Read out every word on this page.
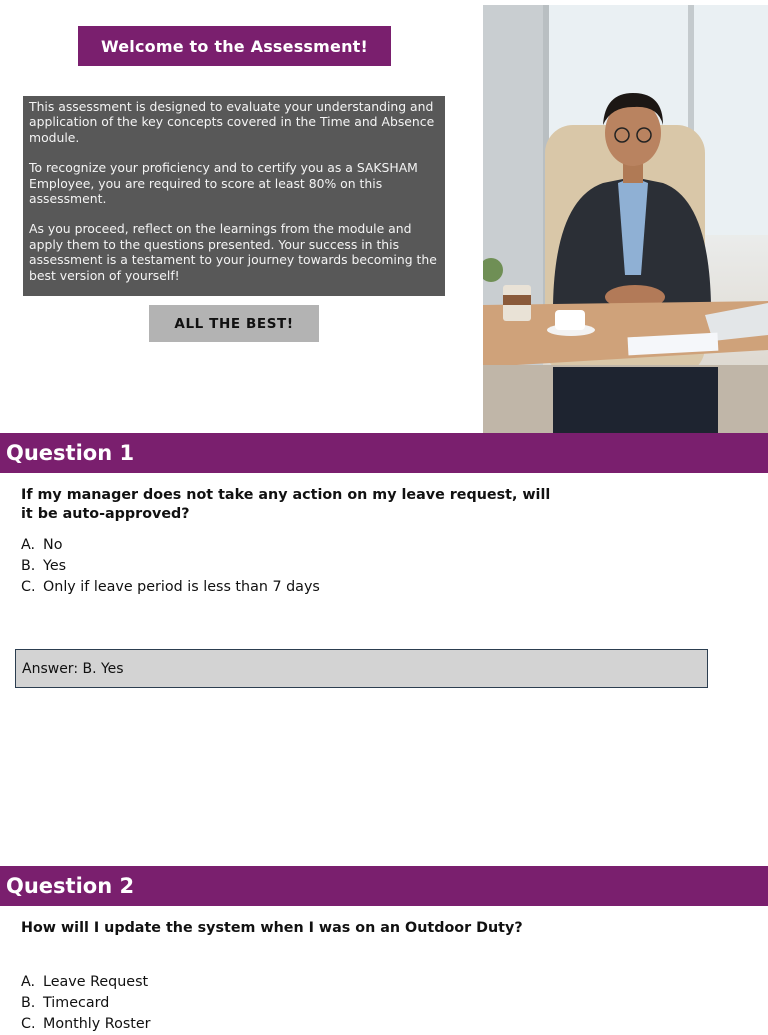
Welcome to the Assessment!

This assessment is designed to evaluate your understanding and application of the key concepts covered in the Time and Absence module.

To recognize your proficiency and to certify you as a SAKSHAM Employee, you are required to score at least 80% on this assessment.

As you proceed, reflect on the learnings from the module and apply them to the questions presented. Your success in this assessment is a testament to your journey towards becoming the best version of yourself!

ALL THE BEST!
Question 1
If my manager does not take any action on my leave request, will it be auto-approved?
A. No
B. Yes
C. Only if leave period is less than 7 days
Answer: B. Yes
Question 2
How will I update the system when I was on an Outdoor Duty?
A. Leave Request
B. Timecard
C. Monthly Roster
